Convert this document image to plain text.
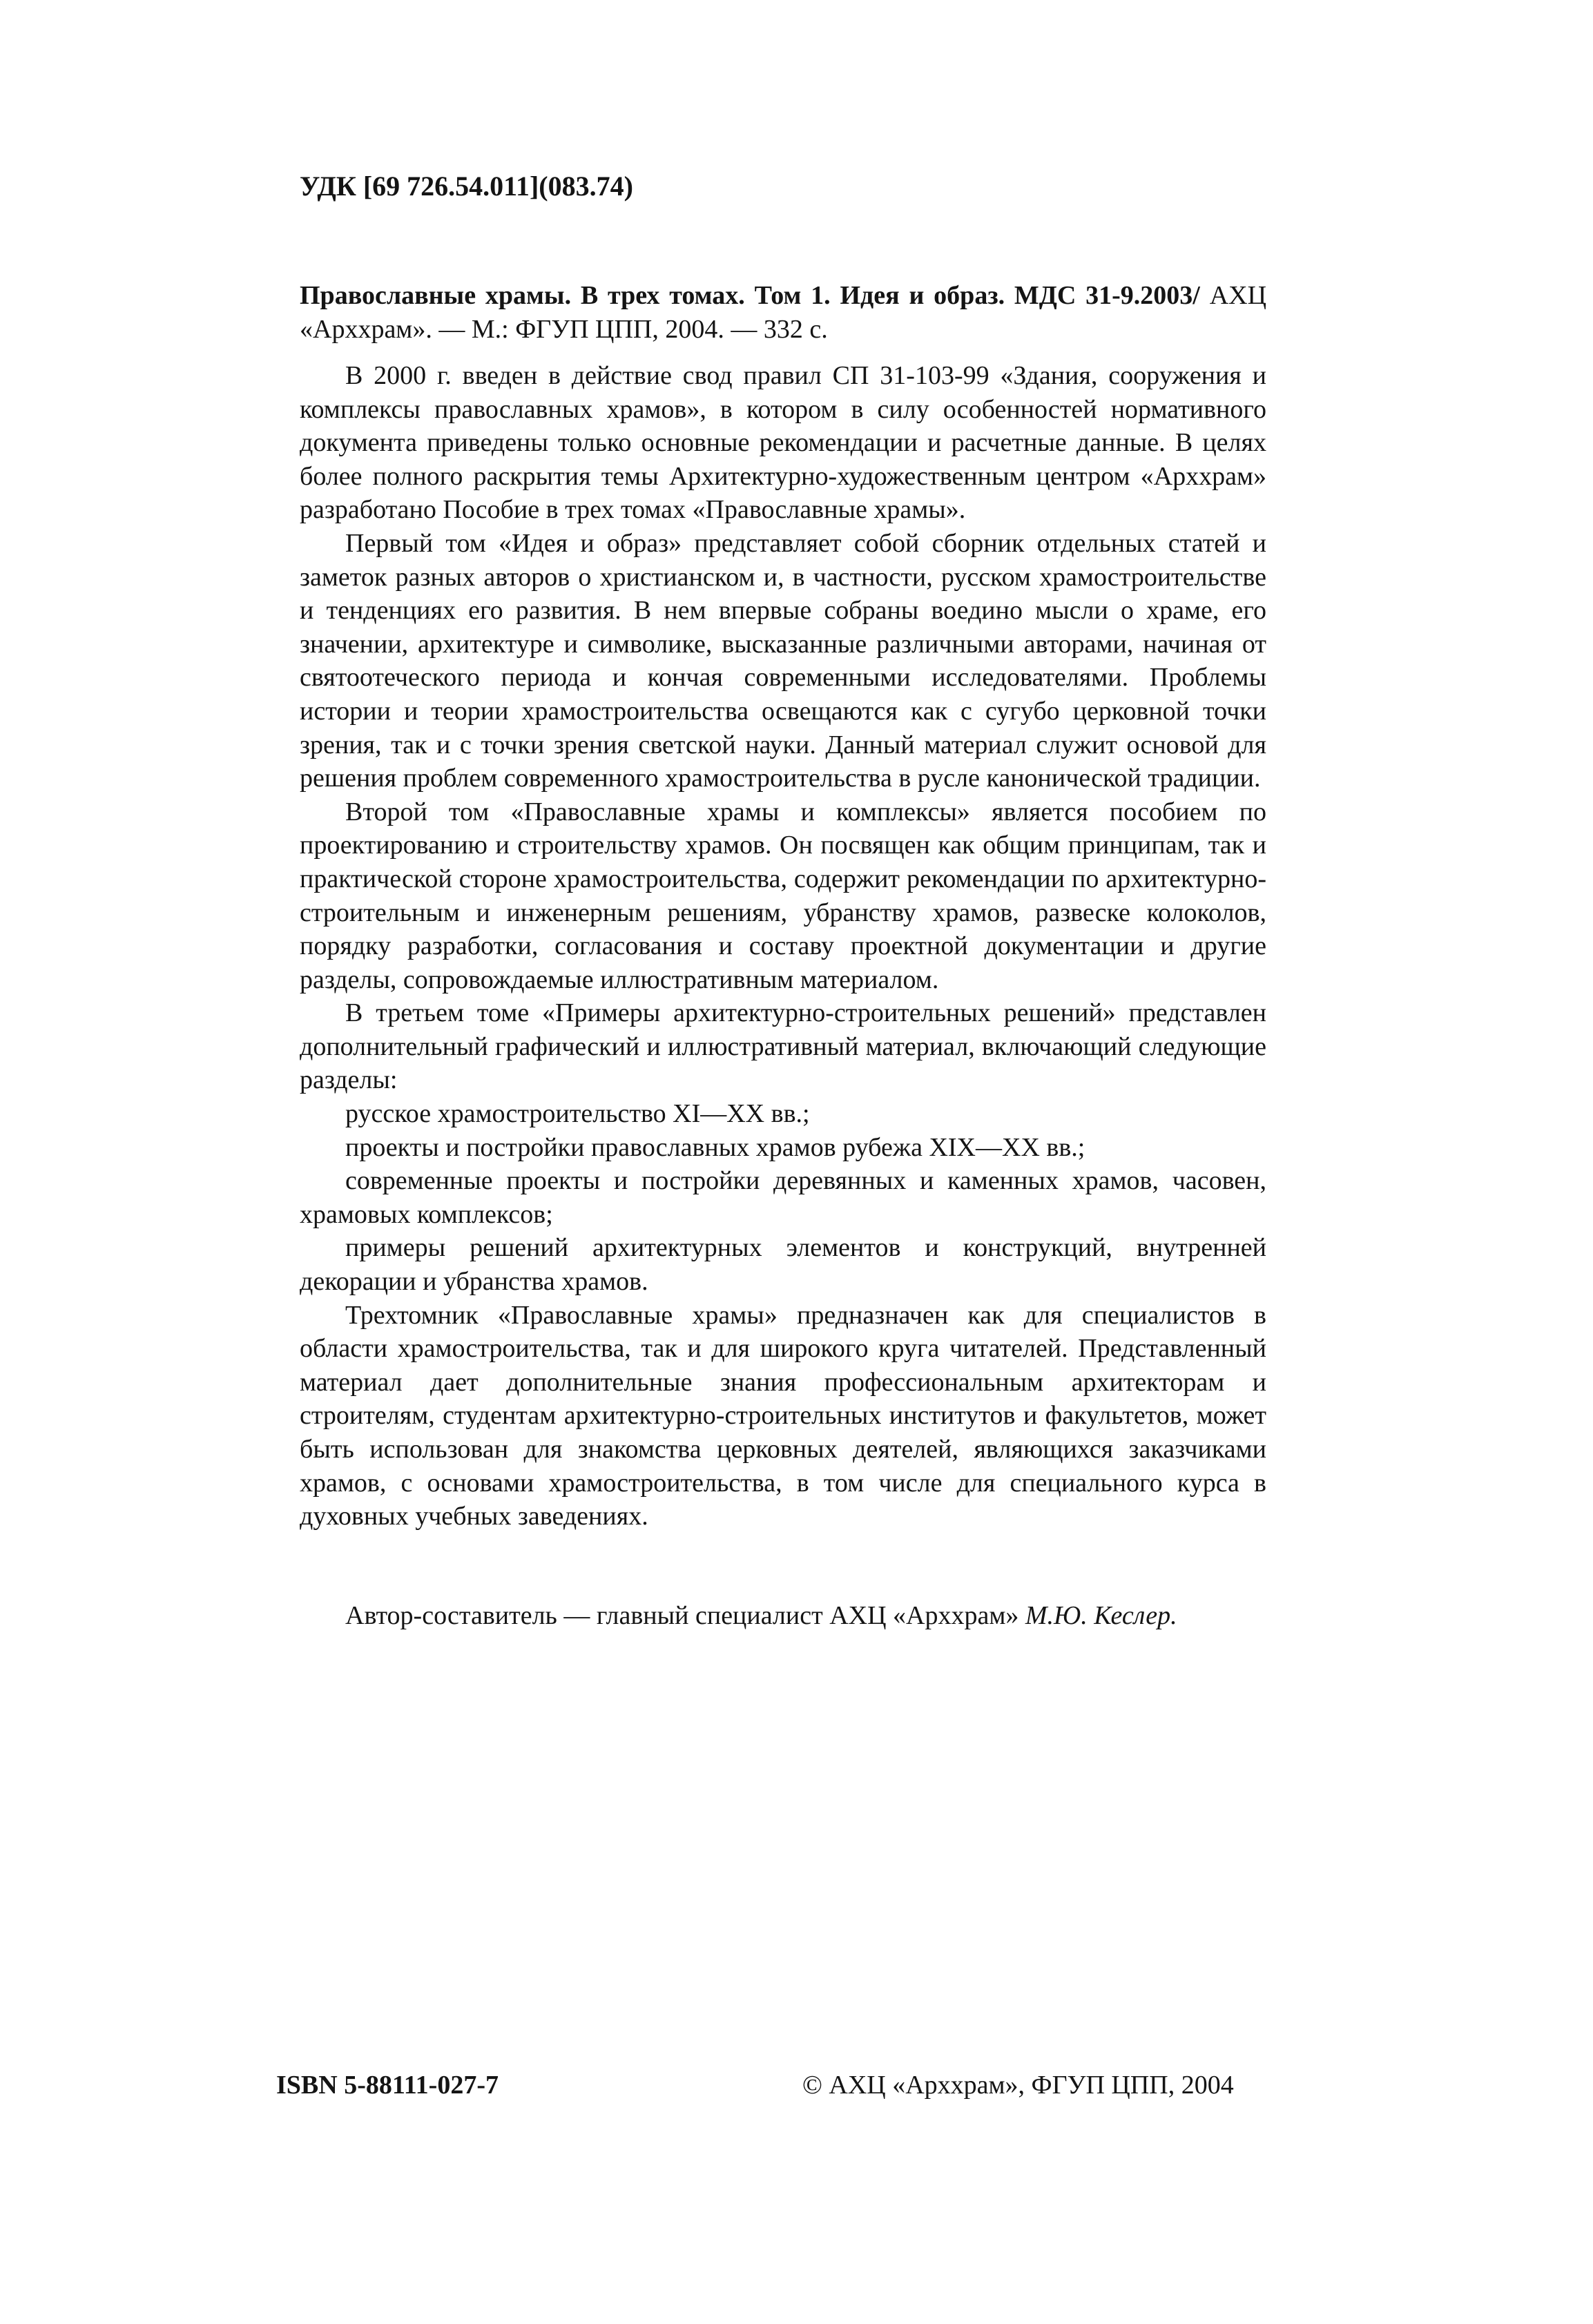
УДК [69 726.54.011](083.74)
Православные храмы. В трех томах. Том 1. Идея и образ. МДС 31-9.2003/ АХЦ «Арххрам». — М.: ФГУП ЦПП, 2004. — 332 с.

В 2000 г. введен в действие свод правил СП 31-103-99 «Здания, сооружения и комплексы православных храмов», в котором в силу особенностей нормативного документа приведены только основные рекомендации и расчетные данные. В целях более полного раскрытия темы Архитектурно-художественным центром «Арххрам» разработано Пособие в трех томах «Православные храмы».

Первый том «Идея и образ» представляет собой сборник отдельных статей и заметок разных авторов о христианском и, в частности, русском храмостроительстве и тенденциях его развития. В нем впервые собраны воедино мысли о храме, его значении, архитектуре и символике, высказанные различными авторами, начиная от святоотеческого периода и кончая современными исследователями. Проблемы истории и теории храмостроительства освещаются как с сугубо церковной точки зрения, так и с точки зрения светской науки. Данный материал служит основой для решения проблем современного храмостроительства в русле канонической традиции.

Второй том «Православные храмы и комплексы» является пособием по проектированию и строительству храмов. Он посвящен как общим принципам, так и практической стороне храмостроительства, содержит рекомендации по архитектурно-строительным и инженерным решениям, убранству храмов, развеске колоколов, порядку разработки, согласования и составу проектной документации и другие разделы, сопровождаемые иллюстративным материалом.

В третьем томе «Примеры архитектурно-строительных решений» представлен дополнительный графический и иллюстративный материал, включающий следующие разделы:

русское храмостроительство XI—XX вв.;

проекты и постройки православных храмов рубежа XIX—XX вв.;

современные проекты и постройки деревянных и каменных храмов, часовен, храмовых комплексов;

примеры решений архитектурных элементов и конструкций, внутренней декорации и убранства храмов.

Трехтомник «Православные храмы» предназначен как для специалистов в области храмостроительства, так и для широкого круга читателей. Представленный материал дает дополнительные знания профессиональным архитекторам и строителям, студентам архитектурно-строительных институтов и факультетов, может быть использован для знакомства церковных деятелей, являющихся заказчиками храмов, с основами храмостроительства, в том числе для специального курса в духовных учебных заведениях.

Автор-составитель — главный специалист АХЦ «Арххрам» М.Ю. Кеслер.
ISBN 5-88111-027-7	© АХЦ «Арххрам», ФГУП ЦПП, 2004
